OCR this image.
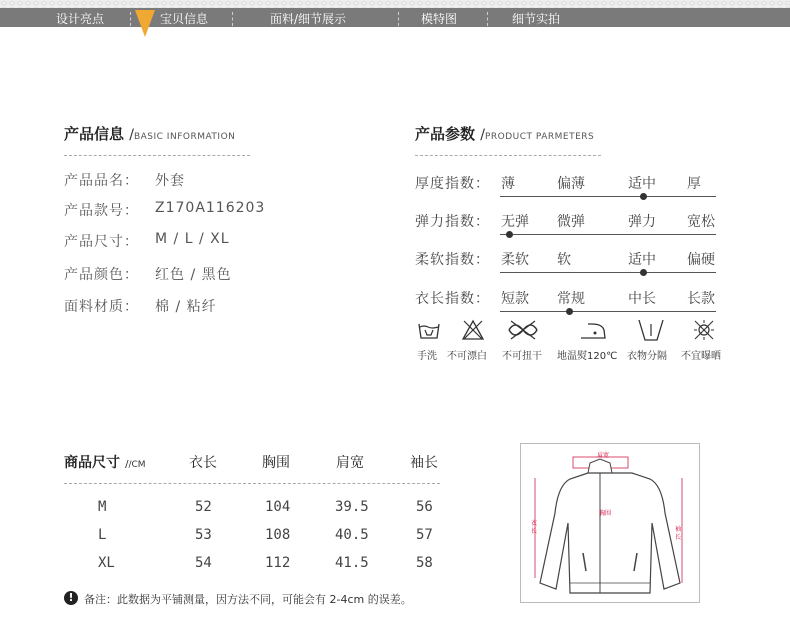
设计亮点	宝贝信息	面料/细节展示	模特图	细节实拍
产品信息 /BASIC INFORMATION
产品品名： 外套
产品款号： Z170A116203
产品尺寸： M / L / XL
产品颜色： 红色 / 黑色
面料材质： 棉 / 粘纤
产品参数 /PRODUCT PARMETERS
厚度指数： 薄	偏薄	适中 厚
弹力指数： 无弹 微弹	弹力 宽松
柔软指数： 柔软 软	适中 偏硬
衣长指数： 短款 常规	中长 长款
手洗 不可漂白 不可扭干 地温熨120℃ 衣物分隔 不宜曝晒
商品尺寸 //CM	衣长	胸围	肩宽	袖长
M	52	104	39.5	56
L	53	108	40.5	57
XL	54	112	41.5	58
! 备注：此数据为平铺测量，因方法不同，可能会有 2-4cm 的误差。
肩宽
胸围
衣长	袖长
